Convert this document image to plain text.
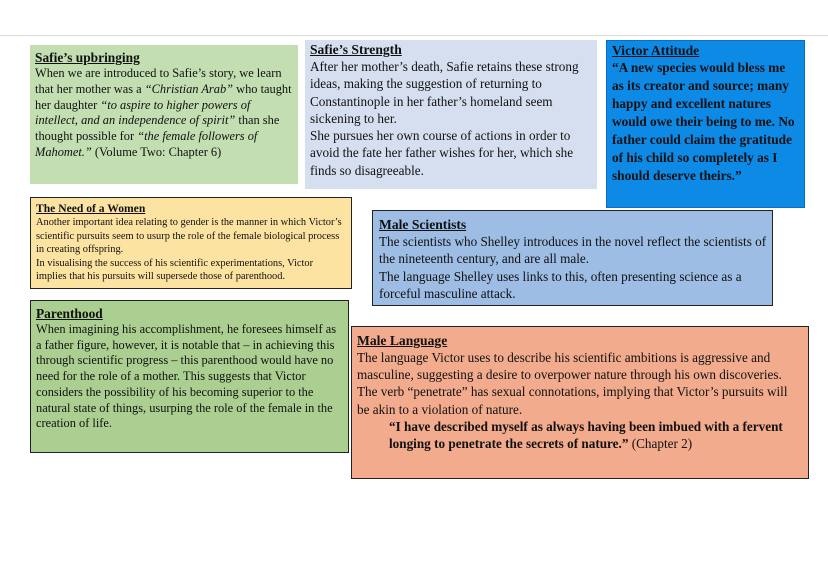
Safie’s upbringing

When we are introduced to Safie’s story, we learn that her mother was a “Christian Arab” who taught her daughter “to aspire to higher powers of intellect, and an independence of spirit” than she thought possible for “the female followers of Mahomet.” (Volume Two: Chapter 6)

Safie’s Strength

After her mother’s death, Safie retains these strong ideas, making the suggestion of returning to Constantinople in her father’s homeland seem sickening to her.

She pursues her own course of actions in order to avoid the fate her father wishes for her, which she finds so disagreeable.

Victor Attitude

“A new species would bless me as its creator and source; many happy and excellent natures would owe their being to me. No father could claim the gratitude of his child so completely as I should deserve theirs.”

The Need of a Women

Another important idea relating to gender is the manner in which Victor’s scientific pursuits seem to usurp the role of the female biological process in creating offspring.

In visualising the success of his scientific experimentations, Victor implies that his pursuits will supersede those of parenthood.

Male Scientists

The scientists who Shelley introduces in the novel reflect the scientists of the nineteenth century, and are all male.

The language Shelley uses links to this, often presenting science as a forceful masculine attack.

Parenthood

When imagining his accomplishment, he foresees himself as a father figure, however, it is notable that – in achieving this through scientific progress – this parenthood would have no need for the role of a mother. This suggests that Victor considers the possibility of his becoming superior to the natural state of things, usurping the role of the female in the creation of life.

Male Language

The language Victor uses to describe his scientific ambitions is aggressive and masculine, suggesting a desire to overpower nature through his own discoveries.

The verb “penetrate” has sexual connotations, implying that Victor’s pursuits will be akin to a violation of nature.

“I have described myself as always having been imbued with a fervent longing to penetrate the secrets of nature.” (Chapter 2)
